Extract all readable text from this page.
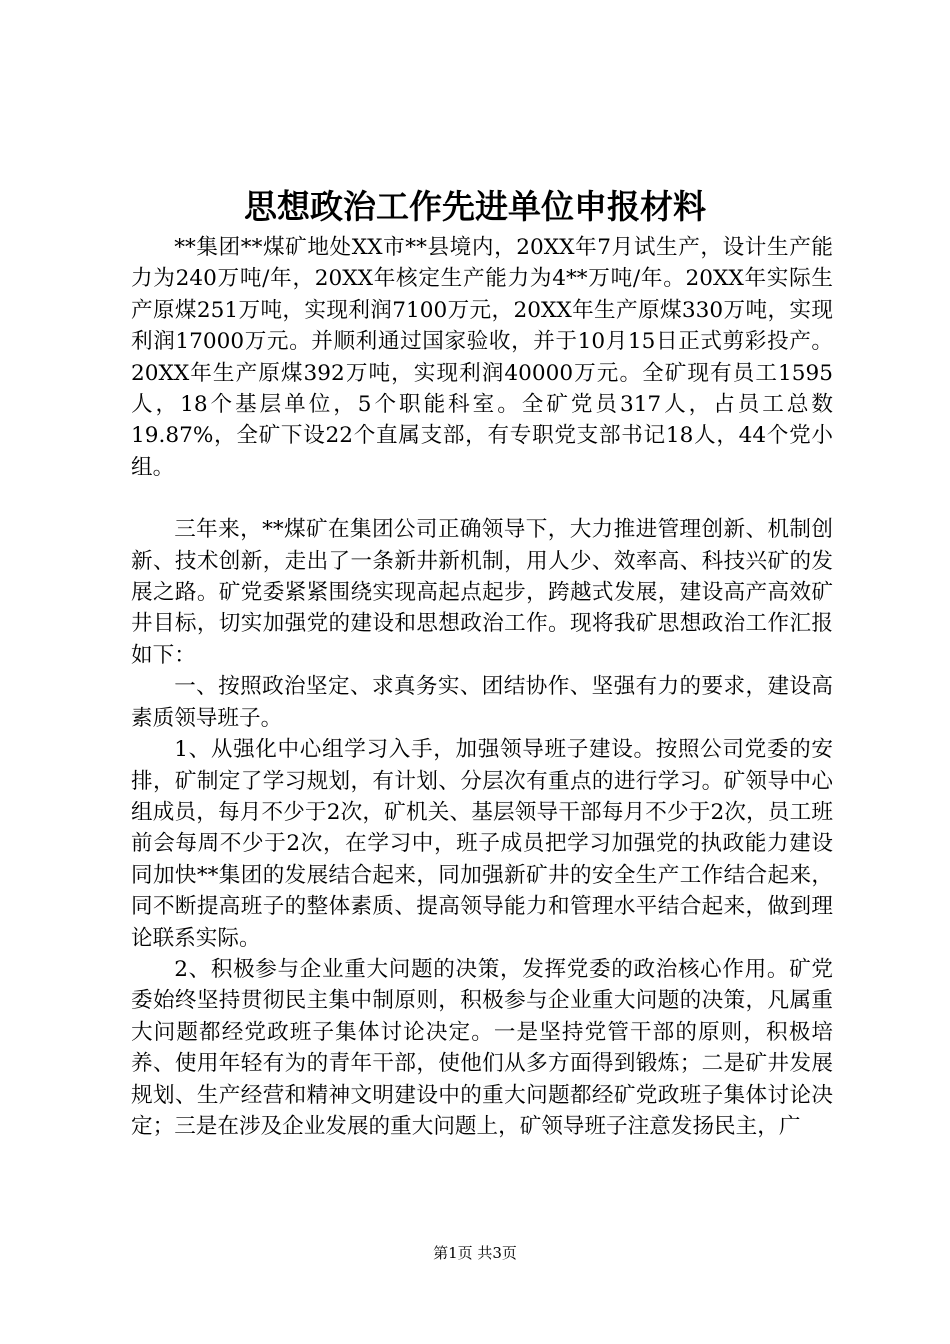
思想政治工作先进单位申报材料

**集团**煤矿地处XX市**县境内，20XX年7月试生产，设计生产能力为240万吨/年，20XX年核定生产能力为4**万吨/年。20XX年实际生产原煤251万吨，实现利润7100万元，20XX年生产原煤330万吨，实现利润17000万元。并顺利通过国家验收，并于10月15日正式剪彩投产。20XX年生产原煤392万吨，实现利润40000万元。全矿现有员工1595人，18个基层单位，5个职能科室。全矿党员317人，占员工总数19.87%，全矿下设22个直属支部，有专职党支部书记18人，44个党小组。

三年来，**煤矿在集团公司正确领导下，大力推进管理创新、机制创新、技术创新，走出了一条新井新机制，用人少、效率高、科技兴矿的发展之路。矿党委紧紧围绕实现高起点起步，跨越式发展，建设高产高效矿井目标，切实加强党的建设和思想政治工作。现将我矿思想政治工作汇报如下：

一、按照政治坚定、求真务实、团结协作、坚强有力的要求，建设高素质领导班子。

1、从强化中心组学习入手，加强领导班子建设。按照公司党委的安排，矿制定了学习规划，有计划、分层次有重点的进行学习。矿领导中心组成员，每月不少于2次，矿机关、基层领导干部每月不少于2次，员工班前会每周不少于2次，在学习中，班子成员把学习加强党的执政能力建设同加快**集团的发展结合起来，同加强新矿井的安全生产工作结合起来，同不断提高班子的整体素质、提高领导能力和管理水平结合起来，做到理论联系实际。

2、积极参与企业重大问题的决策，发挥党委的政治核心作用。矿党委始终坚持贯彻民主集中制原则，积极参与企业重大问题的决策，凡属重大问题都经党政班子集体讨论决定。一是坚持党管干部的原则，积极培养、使用年轻有为的青年干部，使他们从多方面得到锻炼；二是矿井发展规划、生产经营和精神文明建设中的重大问题都经矿党政班子集体讨论决定；三是在涉及企业发展的重大问题上，矿领导班子注意发扬民主，广

第1页 共3页
